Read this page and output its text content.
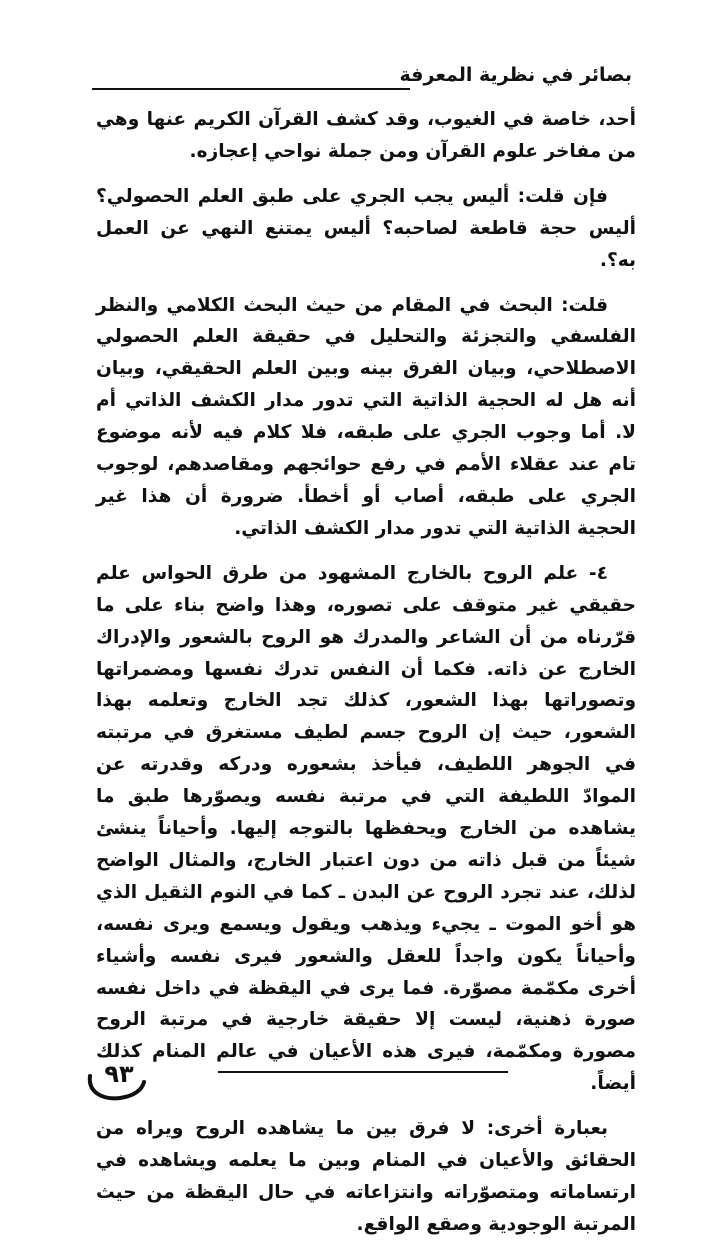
بصائر في نظرية المعرفة

أحد، خاصة في الغيوب، وقد كشف القرآن الكريم عنها وهي من مفاخر علوم القرآن ومن جملة نواحي إعجازه.

فإن قلت: أليس يجب الجري على طبق العلم الحصولي؟ أليس حجة قاطعة لصاحبه؟ أليس يمتنع النهي عن العمل به؟.

قلت: البحث في المقام من حيث البحث الكلامي والنظر الفلسفي والتجزئة والتحليل في حقيقة العلم الحصولي الاصطلاحي، وبيان الفرق بينه وبين العلم الحقيقي، وبيان أنه هل له الحجية الذاتية التي تدور مدار الكشف الذاتي أم لا. أما وجوب الجري على طبقه، فلا كلام فيه لأنه موضوع تام عند عقلاء الأمم في رفع حوائجهم ومقاصدهم، لوجوب الجري على طبقه، أصاب أو أخطأ. ضرورة أن هذا غير الحجية الذاتية التي تدور مدار الكشف الذاتي.

٤- علم الروح بالخارج المشهود من طرق الحواس علم حقيقي غير متوقف على تصوره، وهذا واضح بناء على ما قرّرناه من أن الشاعر والمدرك هو الروح بالشعور والإدراك الخارج عن ذاته. فكما أن النفس تدرك نفسها ومضمراتها وتصوراتها بهذا الشعور، كذلك تجد الخارج وتعلمه بهذا الشعور، حيث إن الروح جسم لطيف مستغرق في مرتبته في الجوهر اللطيف، فيأخذ بشعوره ودركه وقدرته عن الموادّ اللطيفة التي في مرتبة نفسه ويصوّرها طبق ما يشاهده من الخارج ويحفظها بالتوجه إليها. وأحياناً ينشئ شيئاً من قبل ذاته من دون اعتبار الخارج، والمثال الواضح لذلك، عند تجرد الروح عن البدن ـ كما في النوم الثقيل الذي هو أخو الموت ـ يجيء ويذهب ويقول ويسمع ويرى نفسه، وأحياناً يكون واجداً للعقل والشعور فيرى نفسه وأشياء أخرى مكمّمة مصوّرة. فما يرى في اليقظة في داخل نفسه صورة ذهنية، ليست إلا حقيقة خارجية في مرتبة الروح مصورة ومكمّمة، فيرى هذه الأعيان في عالم المنام كذلك أيضاً.

بعبارة أخرى: لا فرق بين ما يشاهده الروح ويراه من الحقائق والأعيان في المنام وبين ما يعلمه ويشاهده في ارتساماته ومتصوّراته وانتزاعاته في حال اليقظة من حيث المرتبة الوجودية وصقع الواقع.

٩٣
